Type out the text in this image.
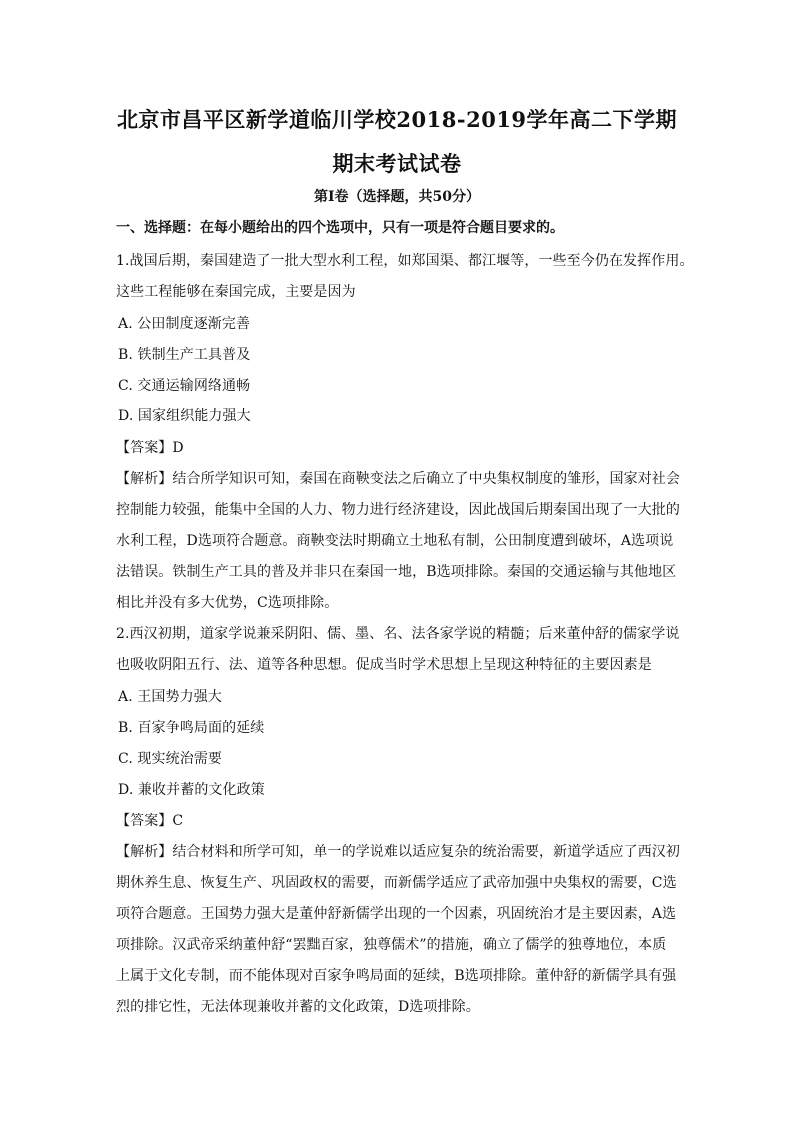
北京市昌平区新学道临川学校2018-2019学年高二下学期
期末考试试卷
第Ⅰ卷（选择题，共50分）
一、选择题：在每小题给出的四个选项中，只有一项是符合题目要求的。
1.战国后期，秦国建造了一批大型水利工程，如郑国渠、都江堰等，一些至今仍在发挥作用。
这些工程能够在秦国完成，主要是因为
A. 公田制度逐渐完善
B. 铁制生产工具普及
C. 交通运输网络通畅
D. 国家组织能力强大
【答案】D
【解析】结合所学知识可知，秦国在商鞅变法之后确立了中央集权制度的雏形，国家对社会
控制能力较强，能集中全国的人力、物力进行经济建设，因此战国后期秦国出现了一大批的
水利工程，D选项符合题意。商鞅变法时期确立土地私有制，公田制度遭到破坏，A选项说
法错误。铁制生产工具的普及并非只在秦国一地，B选项排除。秦国的交通运输与其他地区
相比并没有多大优势，C选项排除。
2.西汉初期，道家学说兼采阴阳、儒、墨、名、法各家学说的精髓；后来董仲舒的儒家学说
也吸收阴阳五行、法、道等各种思想。促成当时学术思想上呈现这种特征的主要因素是
A. 王国势力强大
B. 百家争鸣局面的延续
C. 现实统治需要
D. 兼收并蓄的文化政策
【答案】C
【解析】结合材料和所学可知，单一的学说难以适应复杂的统治需要，新道学适应了西汉初
期休养生息、恢复生产、巩固政权的需要，而新儒学适应了武帝加强中央集权的需要，C选
项符合题意。王国势力强大是董仲舒新儒学出现的一个因素，巩固统治才是主要因素，A选
项排除。汉武帝采纳董仲舒“罢黜百家，独尊儒术”的措施，确立了儒学的独尊地位，本质
上属于文化专制，而不能体现对百家争鸣局面的延续，B选项排除。董仲舒的新儒学具有强
烈的排它性，无法体现兼收并蓄的文化政策，D选项排除。
